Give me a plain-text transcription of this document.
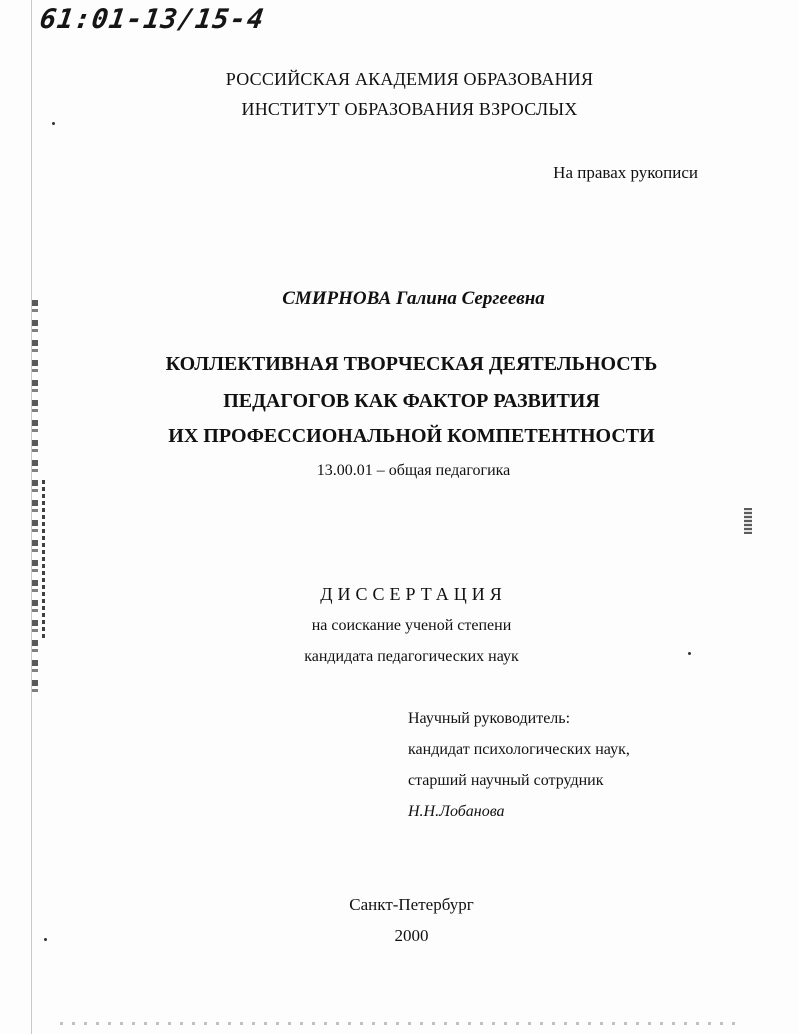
61:01-13/15-4
РОССИЙСКАЯ АКАДЕМИЯ ОБРАЗОВАНИЯ
ИНСТИТУТ ОБРАЗОВАНИЯ ВЗРОСЛЫХ
На правах рукописи
СМИРНОВА Галина Сергеевна
КОЛЛЕКТИВНАЯ ТВОРЧЕСКАЯ ДЕЯТЕЛЬНОСТЬ
ПЕДАГОГОВ КАК ФАКТОР РАЗВИТИЯ
ИХ ПРОФЕССИОНАЛЬНОЙ КОМПЕТЕНТНОСТИ
13.00.01 – общая педагогика
ДИССЕРТАЦИЯ
на соискание ученой степени
кандидата педагогических наук
Научный руководитель:
кандидат психологических наук,
старший научный сотрудник
Н.Н.Лобанова
Санкт-Петербург
2000
